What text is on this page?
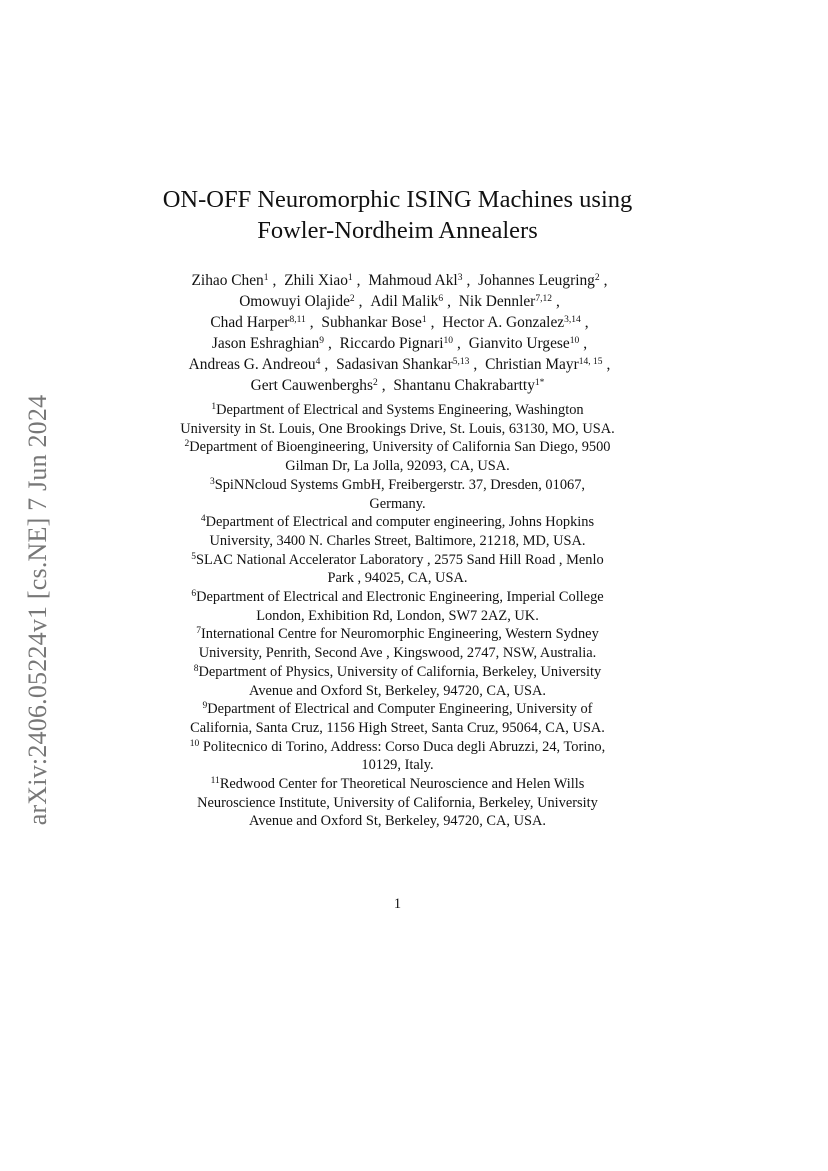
arXiv:2406.05224v1 [cs.NE] 7 Jun 2024
ON-OFF Neuromorphic ISING Machines using
Fowler-Nordheim Annealers
Zihao Chen$^1$ , Zhili Xiao$^1$ , Mahmoud Akl$^3$ , Johannes Leugring$^2$ ,
Omowuyi Olajide$^2$ , Adil Malik$^6$ , Nik Dennler$^{7,12}$ ,
Chad Harper$^{8,11}$ , Subhankar Bose$^1$ , Hector A. Gonzalez$^{3,14}$ ,
Jason Eshraghian$^9$ , Riccardo Pignari$^{10}$ , Gianvito Urgese$^{10}$ ,
Andreas G. Andreou$^4$ , Sadasivan Shankar$^{5,13}$ , Christian Mayr$^{14, 15}$ ,
Gert Cauwenberghs$^2$ , Shantanu Chakrabartty$^{1*}$
$^1$Department of Electrical and Systems Engineering, Washington
University in St. Louis, One Brookings Drive, St. Louis, 63130, MO, USA.
$^2$Department of Bioengineering, University of California San Diego, 9500
Gilman Dr, La Jolla, 92093, CA, USA.
$^3$SpiNNcloud Systems GmbH, Freibergerstr. 37, Dresden, 01067,
Germany.
$^4$Department of Electrical and computer engineering, Johns Hopkins
University, 3400 N. Charles Street, Baltimore, 21218, MD, USA.
$^5$SLAC National Accelerator Laboratory , 2575 Sand Hill Road , Menlo
Park , 94025, CA, USA.
$^6$Department of Electrical and Electronic Engineering, Imperial College
London, Exhibition Rd, London, SW7 2AZ, UK.
$^7$International Centre for Neuromorphic Engineering, Western Sydney
University, Penrith, Second Ave , Kingswood, 2747, NSW, Australia.
$^8$Department of Physics, University of California, Berkeley, University
Avenue and Oxford St, Berkeley, 94720, CA, USA.
$^9$Department of Electrical and Computer Engineering, University of
California, Santa Cruz, 1156 High Street, Santa Cruz, 95064, CA, USA.
$^{10}$ Politecnico di Torino, Address: Corso Duca degli Abruzzi, 24, Torino,
10129, Italy.
$^{11}$Redwood Center for Theoretical Neuroscience and Helen Wills
Neuroscience Institute, University of California, Berkeley, University
Avenue and Oxford St, Berkeley, 94720, CA, USA.
1
